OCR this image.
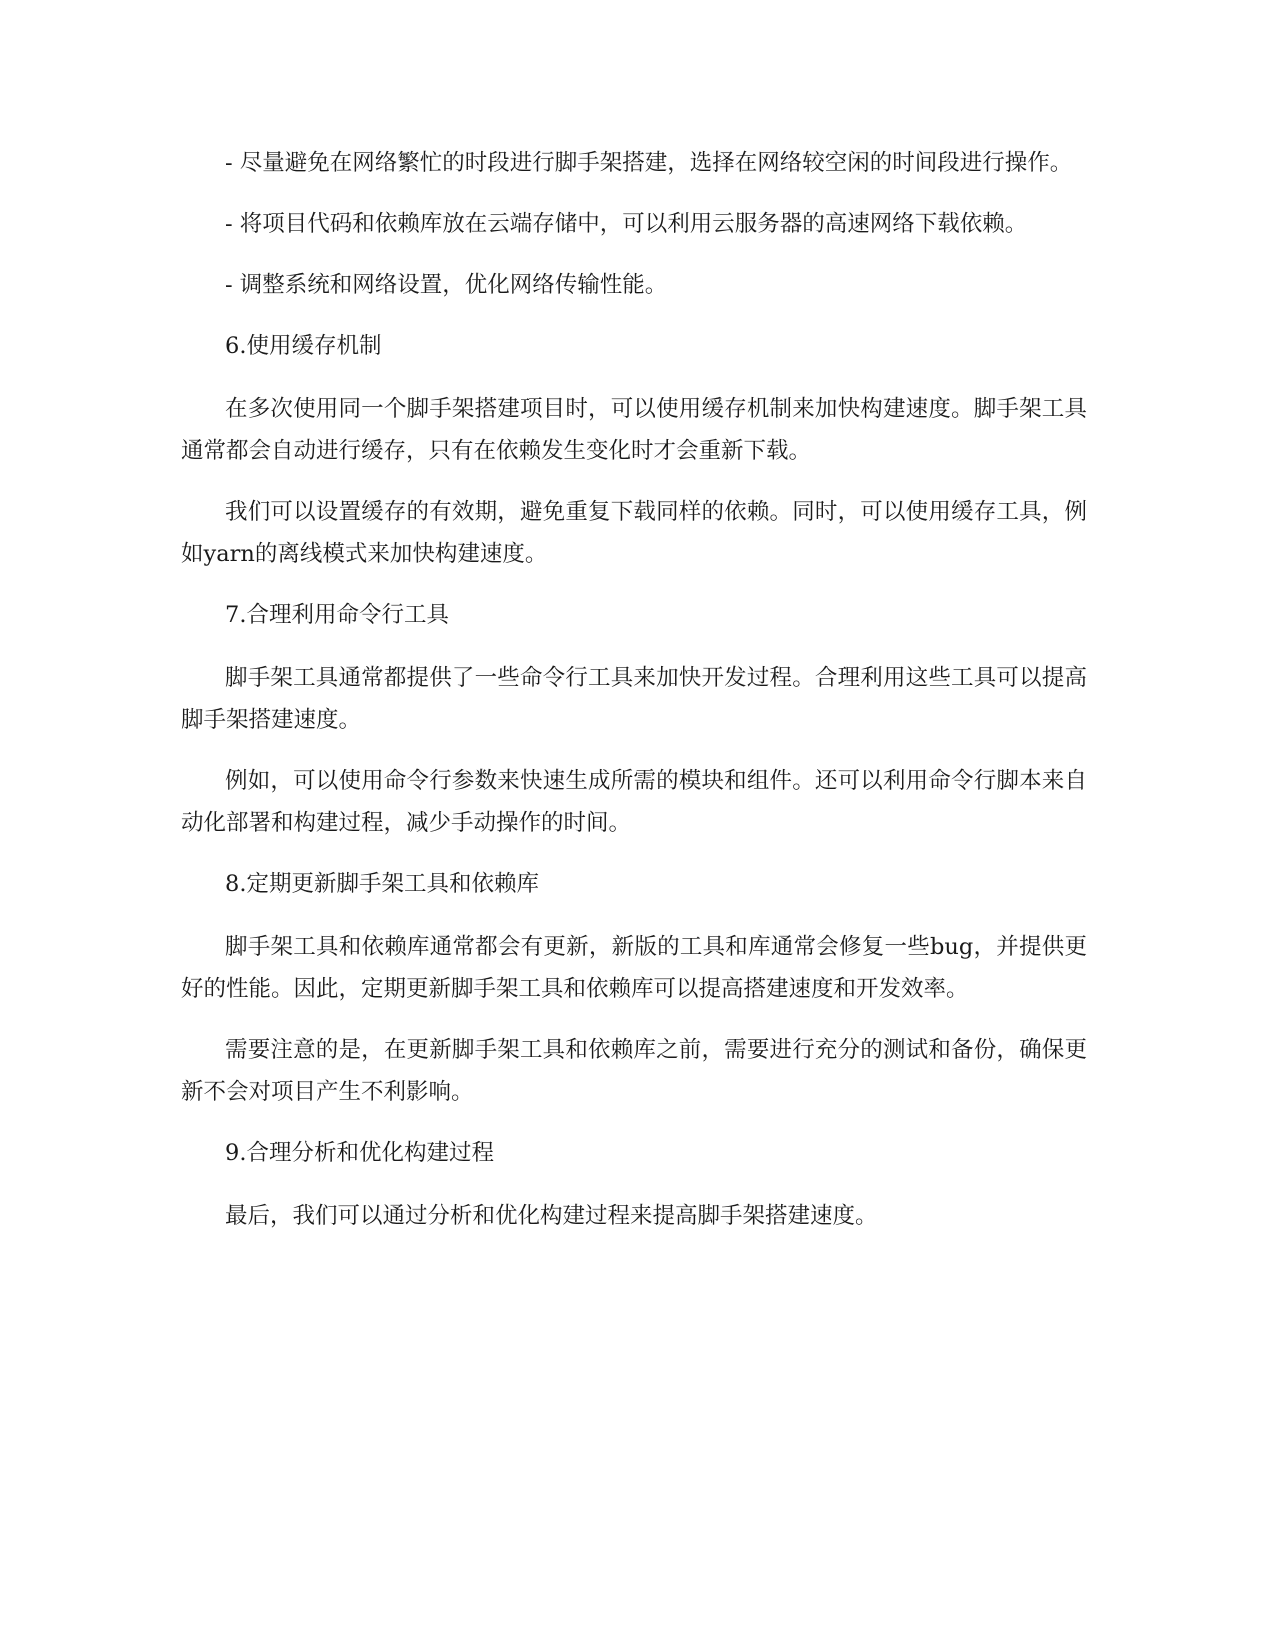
- 尽量避免在网络繁忙的时段进行脚手架搭建，选择在网络较空闲的时间段进行操作。

- 将项目代码和依赖库放在云端存储中，可以利用云服务器的高速网络下载依赖。

- 调整系统和网络设置，优化网络传输性能。

6.使用缓存机制

在多次使用同一个脚手架搭建项目时，可以使用缓存机制来加快构建速度。脚手架工具通常都会自动进行缓存，只有在依赖发生变化时才会重新下载。

我们可以设置缓存的有效期，避免重复下载同样的依赖。同时，可以使用缓存工具，例如yarn的离线模式来加快构建速度。

7.合理利用命令行工具

脚手架工具通常都提供了一些命令行工具来加快开发过程。合理利用这些工具可以提高脚手架搭建速度。

例如，可以使用命令行参数来快速生成所需的模块和组件。还可以利用命令行脚本来自动化部署和构建过程，减少手动操作的时间。

8.定期更新脚手架工具和依赖库

脚手架工具和依赖库通常都会有更新，新版的工具和库通常会修复一些bug，并提供更好的性能。因此，定期更新脚手架工具和依赖库可以提高搭建速度和开发效率。

需要注意的是，在更新脚手架工具和依赖库之前，需要进行充分的测试和备份，确保更新不会对项目产生不利影响。

9.合理分析和优化构建过程

最后，我们可以通过分析和优化构建过程来提高脚手架搭建速度。
